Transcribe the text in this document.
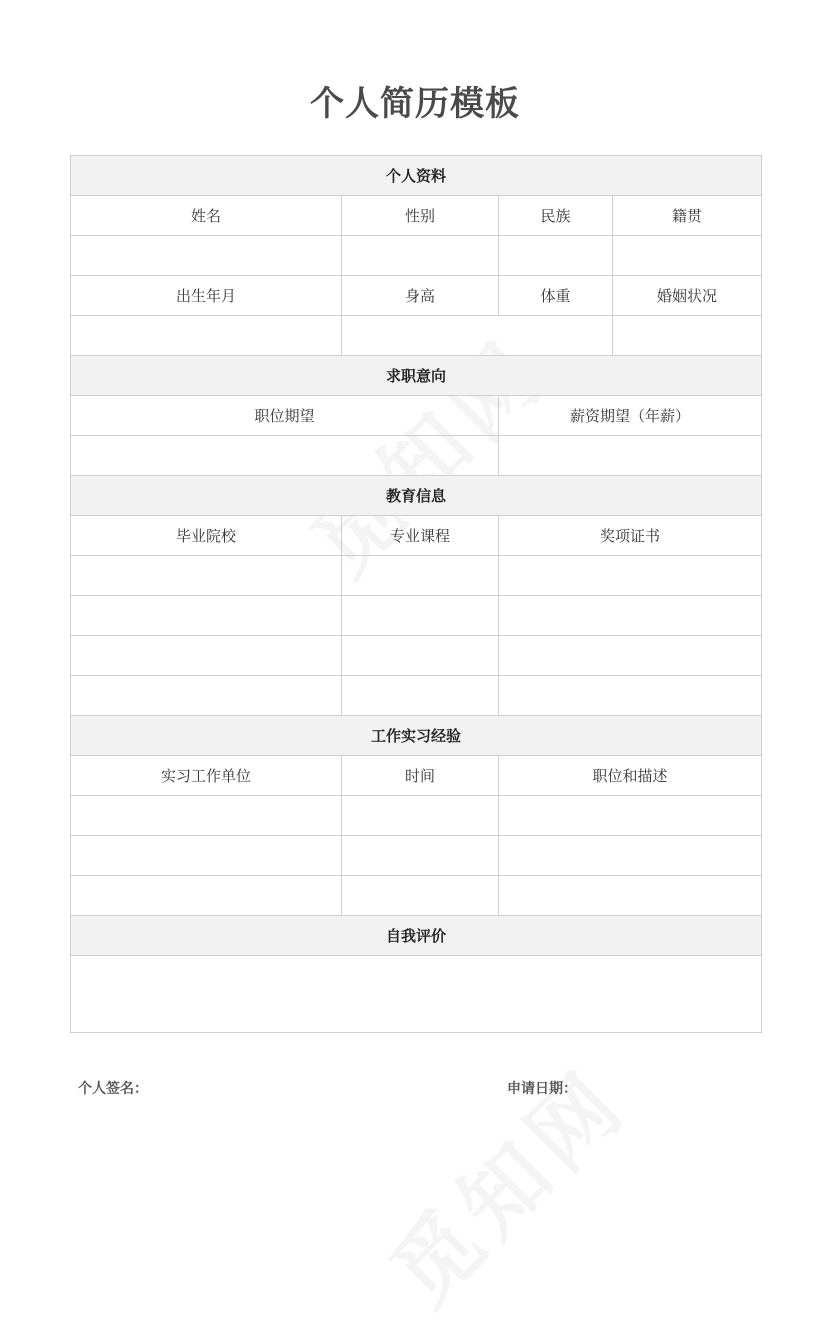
个人简历模板
个人资料			
姓名	性别	民族	籍贯

出生年月	身高	体重	婚姻状况

求职意向			
职位期望		薪资期望（年薪）	

教育信息			
毕业院校	专业课程	奖项证书	

工作实习经验			
实习工作单位	时间	职位和描述	

自我评价			

个人签名：	申请日期：
